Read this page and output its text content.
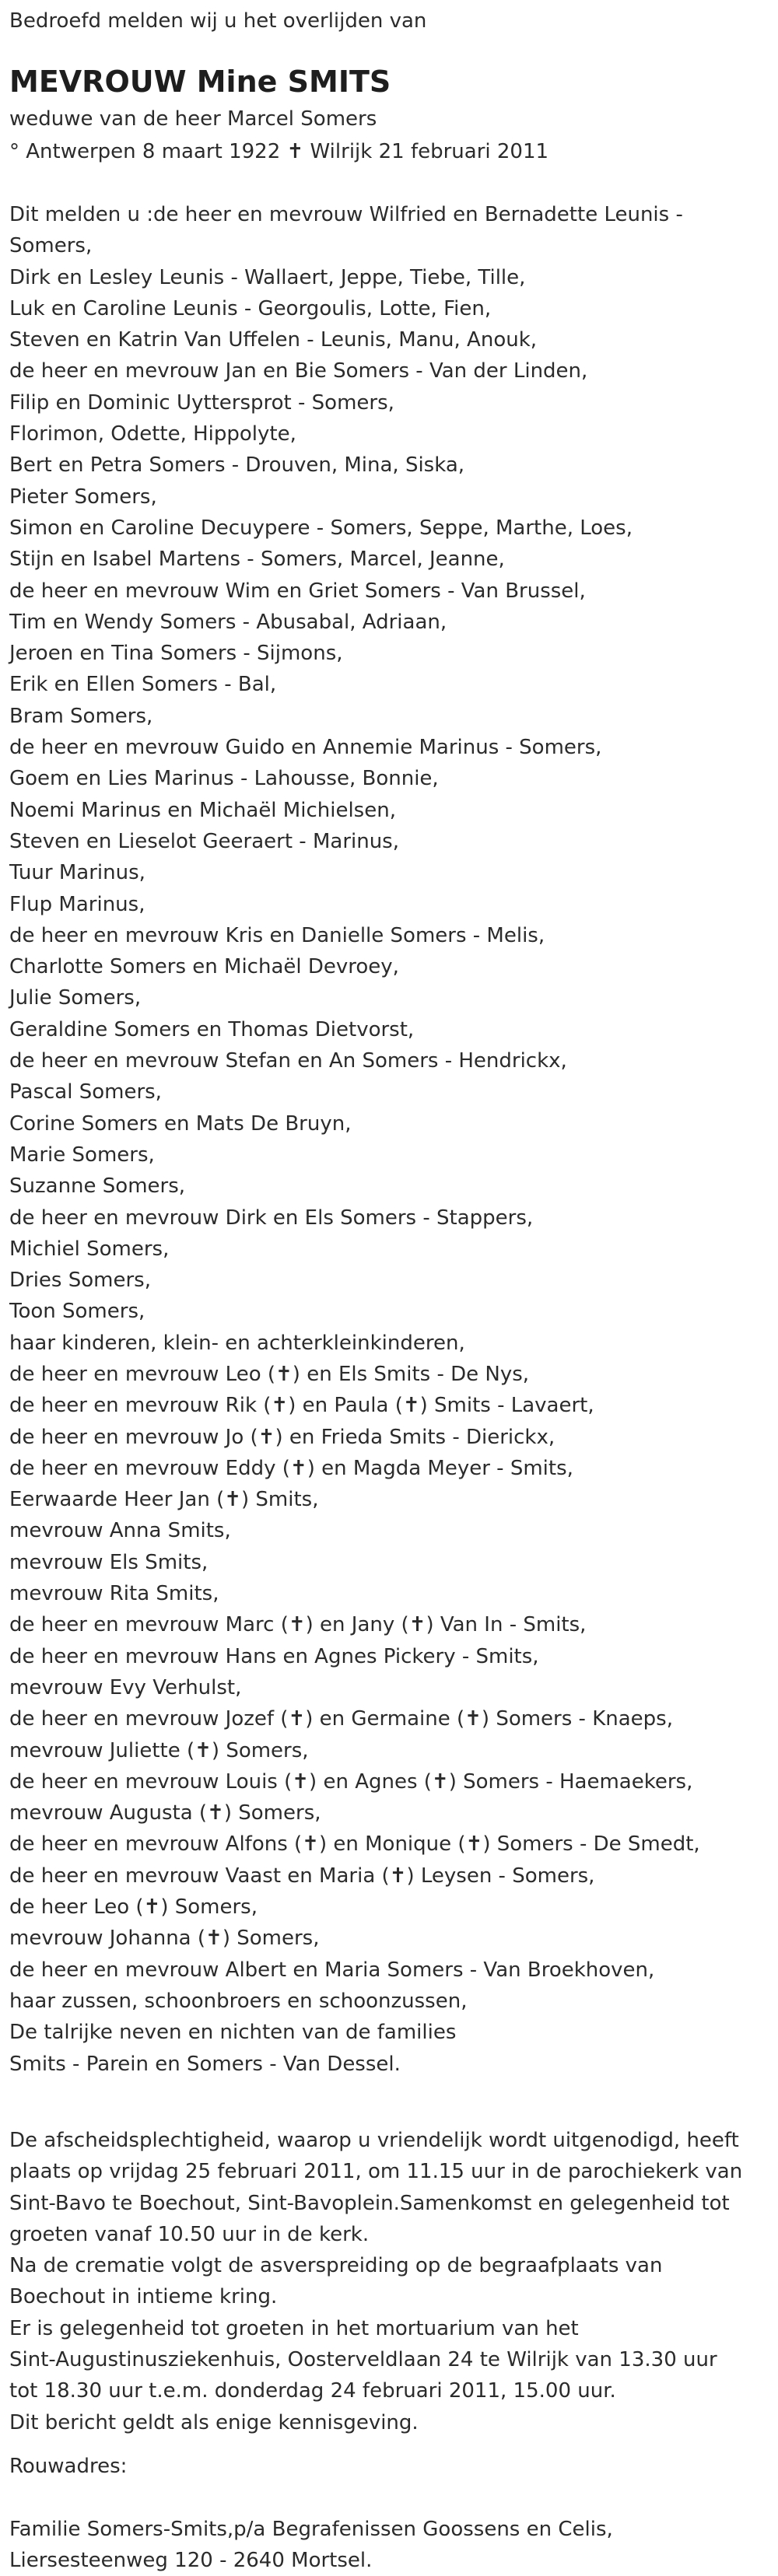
Bedroefd melden wij u het overlijden van
MEVROUW Mine SMITS
weduwe van de heer Marcel Somers
° Antwerpen 8 maart 1922 ✝ Wilrijk 21 februari 2011
Dit melden u :de heer en mevrouw Wilfried en Bernadette Leunis -
Somers,
Dirk en Lesley Leunis - Wallaert, Jeppe, Tiebe, Tille,
Luk en Caroline Leunis - Georgoulis, Lotte, Fien,
Steven en Katrin Van Uffelen - Leunis, Manu, Anouk,
de heer en mevrouw Jan en Bie Somers - Van der Linden,
Filip en Dominic Uyttersprot - Somers,
Florimon, Odette, Hippolyte,
Bert en Petra Somers - Drouven, Mina, Siska,
Pieter Somers,
Simon en Caroline Decuypere - Somers, Seppe, Marthe, Loes,
Stijn en Isabel Martens - Somers, Marcel, Jeanne,
de heer en mevrouw Wim en Griet Somers - Van Brussel,
Tim en Wendy Somers - Abusabal, Adriaan,
Jeroen en Tina Somers - Sijmons,
Erik en Ellen Somers - Bal,
Bram Somers,
de heer en mevrouw Guido en Annemie Marinus - Somers,
Goem en Lies Marinus - Lahousse, Bonnie,
Noemi Marinus en Michaël Michielsen,
Steven en Lieselot Geeraert - Marinus,
Tuur Marinus,
Flup Marinus,
de heer en mevrouw Kris en Danielle Somers - Melis,
Charlotte Somers en Michaël Devroey,
Julie Somers,
Geraldine Somers en Thomas Dietvorst,
de heer en mevrouw Stefan en An Somers - Hendrickx,
Pascal Somers,
Corine Somers en Mats De Bruyn,
Marie Somers,
Suzanne Somers,
de heer en mevrouw Dirk en Els Somers - Stappers,
Michiel Somers,
Dries Somers,
Toon Somers,
haar kinderen, klein- en achterkleinkinderen,
de heer en mevrouw Leo (✝) en Els Smits - De Nys,
de heer en mevrouw Rik (✝) en Paula (✝) Smits - Lavaert,
de heer en mevrouw Jo (✝) en Frieda Smits - Dierickx,
de heer en mevrouw Eddy (✝) en Magda Meyer - Smits,
Eerwaarde Heer Jan (✝) Smits,
mevrouw Anna Smits,
mevrouw Els Smits,
mevrouw Rita Smits,
de heer en mevrouw Marc (✝) en Jany (✝) Van In - Smits,
de heer en mevrouw Hans en Agnes Pickery - Smits,
mevrouw Evy Verhulst,
de heer en mevrouw Jozef (✝) en Germaine (✝) Somers - Knaeps,
mevrouw Juliette (✝) Somers,
de heer en mevrouw Louis (✝) en Agnes (✝) Somers - Haemaekers,
mevrouw Augusta (✝) Somers,
de heer en mevrouw Alfons (✝) en Monique (✝) Somers - De Smedt,
de heer en mevrouw Vaast en Maria (✝) Leysen - Somers,
de heer Leo (✝) Somers,
mevrouw Johanna (✝) Somers,
de heer en mevrouw Albert en Maria Somers - Van Broekhoven,
haar zussen, schoonbroers en schoonzussen,
De talrijke neven en nichten van de families
Smits - Parein en Somers - Van Dessel.
De afscheidsplechtigheid, waarop u vriendelijk wordt uitgenodigd, heeft
plaats op vrijdag 25 februari 2011, om 11.15 uur in de parochiekerk van
Sint-Bavo te Boechout, Sint-Bavoplein.Samenkomst en gelegenheid tot
groeten vanaf 10.50 uur in de kerk.
Na de crematie volgt de asverspreiding op de begraafplaats van
Boechout in intieme kring.
Er is gelegenheid tot groeten in het mortuarium van het
Sint-Augustinusziekenhuis, Oosterveldlaan 24 te Wilrijk van 13.30 uur
tot 18.30 uur t.e.m. donderdag 24 februari 2011, 15.00 uur.
Dit bericht geldt als enige kennisgeving.
Rouwadres:
Familie Somers-Smits,p/a Begrafenissen Goossens en Celis,
Liersesteenweg 120 - 2640 Mortsel.
